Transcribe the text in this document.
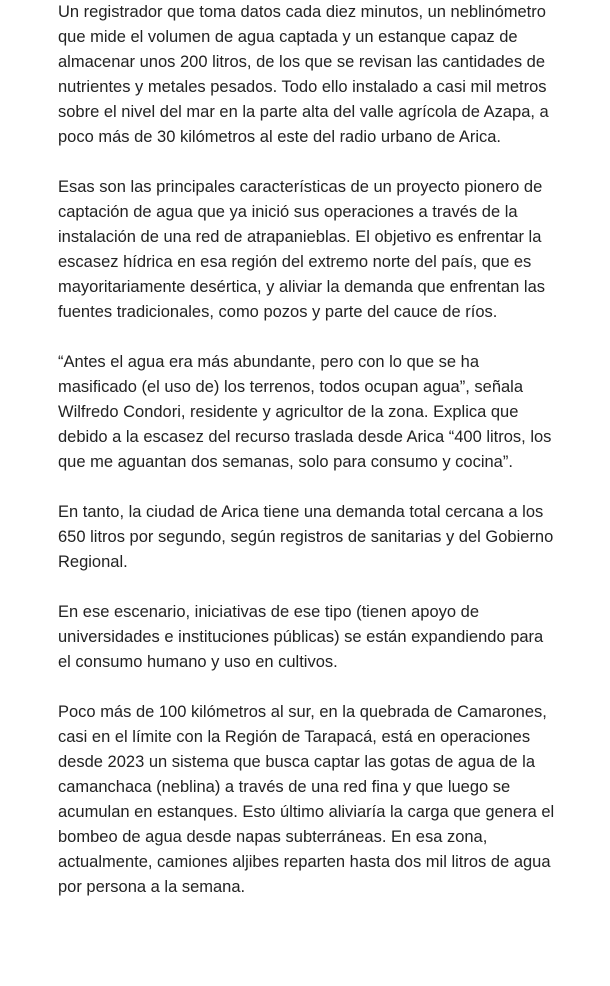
Un registrador que toma datos cada diez minutos, un neblinómetro que mide el volumen de agua captada y un estanque capaz de almacenar unos 200 litros, de los que se revisan las cantidades de nutrientes y metales pesados. Todo ello instalado a casi mil metros sobre el nivel del mar en la parte alta del valle agrícola de Azapa, a poco más de 30 kilómetros al este del radio urbano de Arica.

Esas son las principales características de un proyecto pionero de captación de agua que ya inició sus operaciones a través de la instalación de una red de atrapanieblas. El objetivo es enfrentar la escasez hídrica en esa región del extremo norte del país, que es mayoritariamente desértica, y aliviar la demanda que enfrentan las fuentes tradicionales, como pozos y parte del cauce de ríos.

“Antes el agua era más abundante, pero con lo que se ha masificado (el uso de) los terrenos, todos ocupan agua”, señala Wilfredo Condori, residente y agricultor de la zona. Explica que debido a la escasez del recurso traslada desde Arica “400 litros, los que me aguantan dos semanas, solo para consumo y cocina”.

En tanto, la ciudad de Arica tiene una demanda total cercana a los 650 litros por segundo, según registros de sanitarias y del Gobierno Regional.

En ese escenario, iniciativas de ese tipo (tienen apoyo de universidades e instituciones públicas) se están expandiendo para el consumo humano y uso en cultivos.

Poco más de 100 kilómetros al sur, en la quebrada de Camarones, casi en el límite con la Región de Tarapacá, está en operaciones desde 2023 un sistema que busca captar las gotas de agua de la camanchaca (neblina) a través de una red fina y que luego se acumulan en estanques. Esto último aliviaría la carga que genera el bombeo de agua desde napas subterráneas. En esa zona, actualmente, camiones aljibes reparten hasta dos mil litros de agua por persona a la semana.
